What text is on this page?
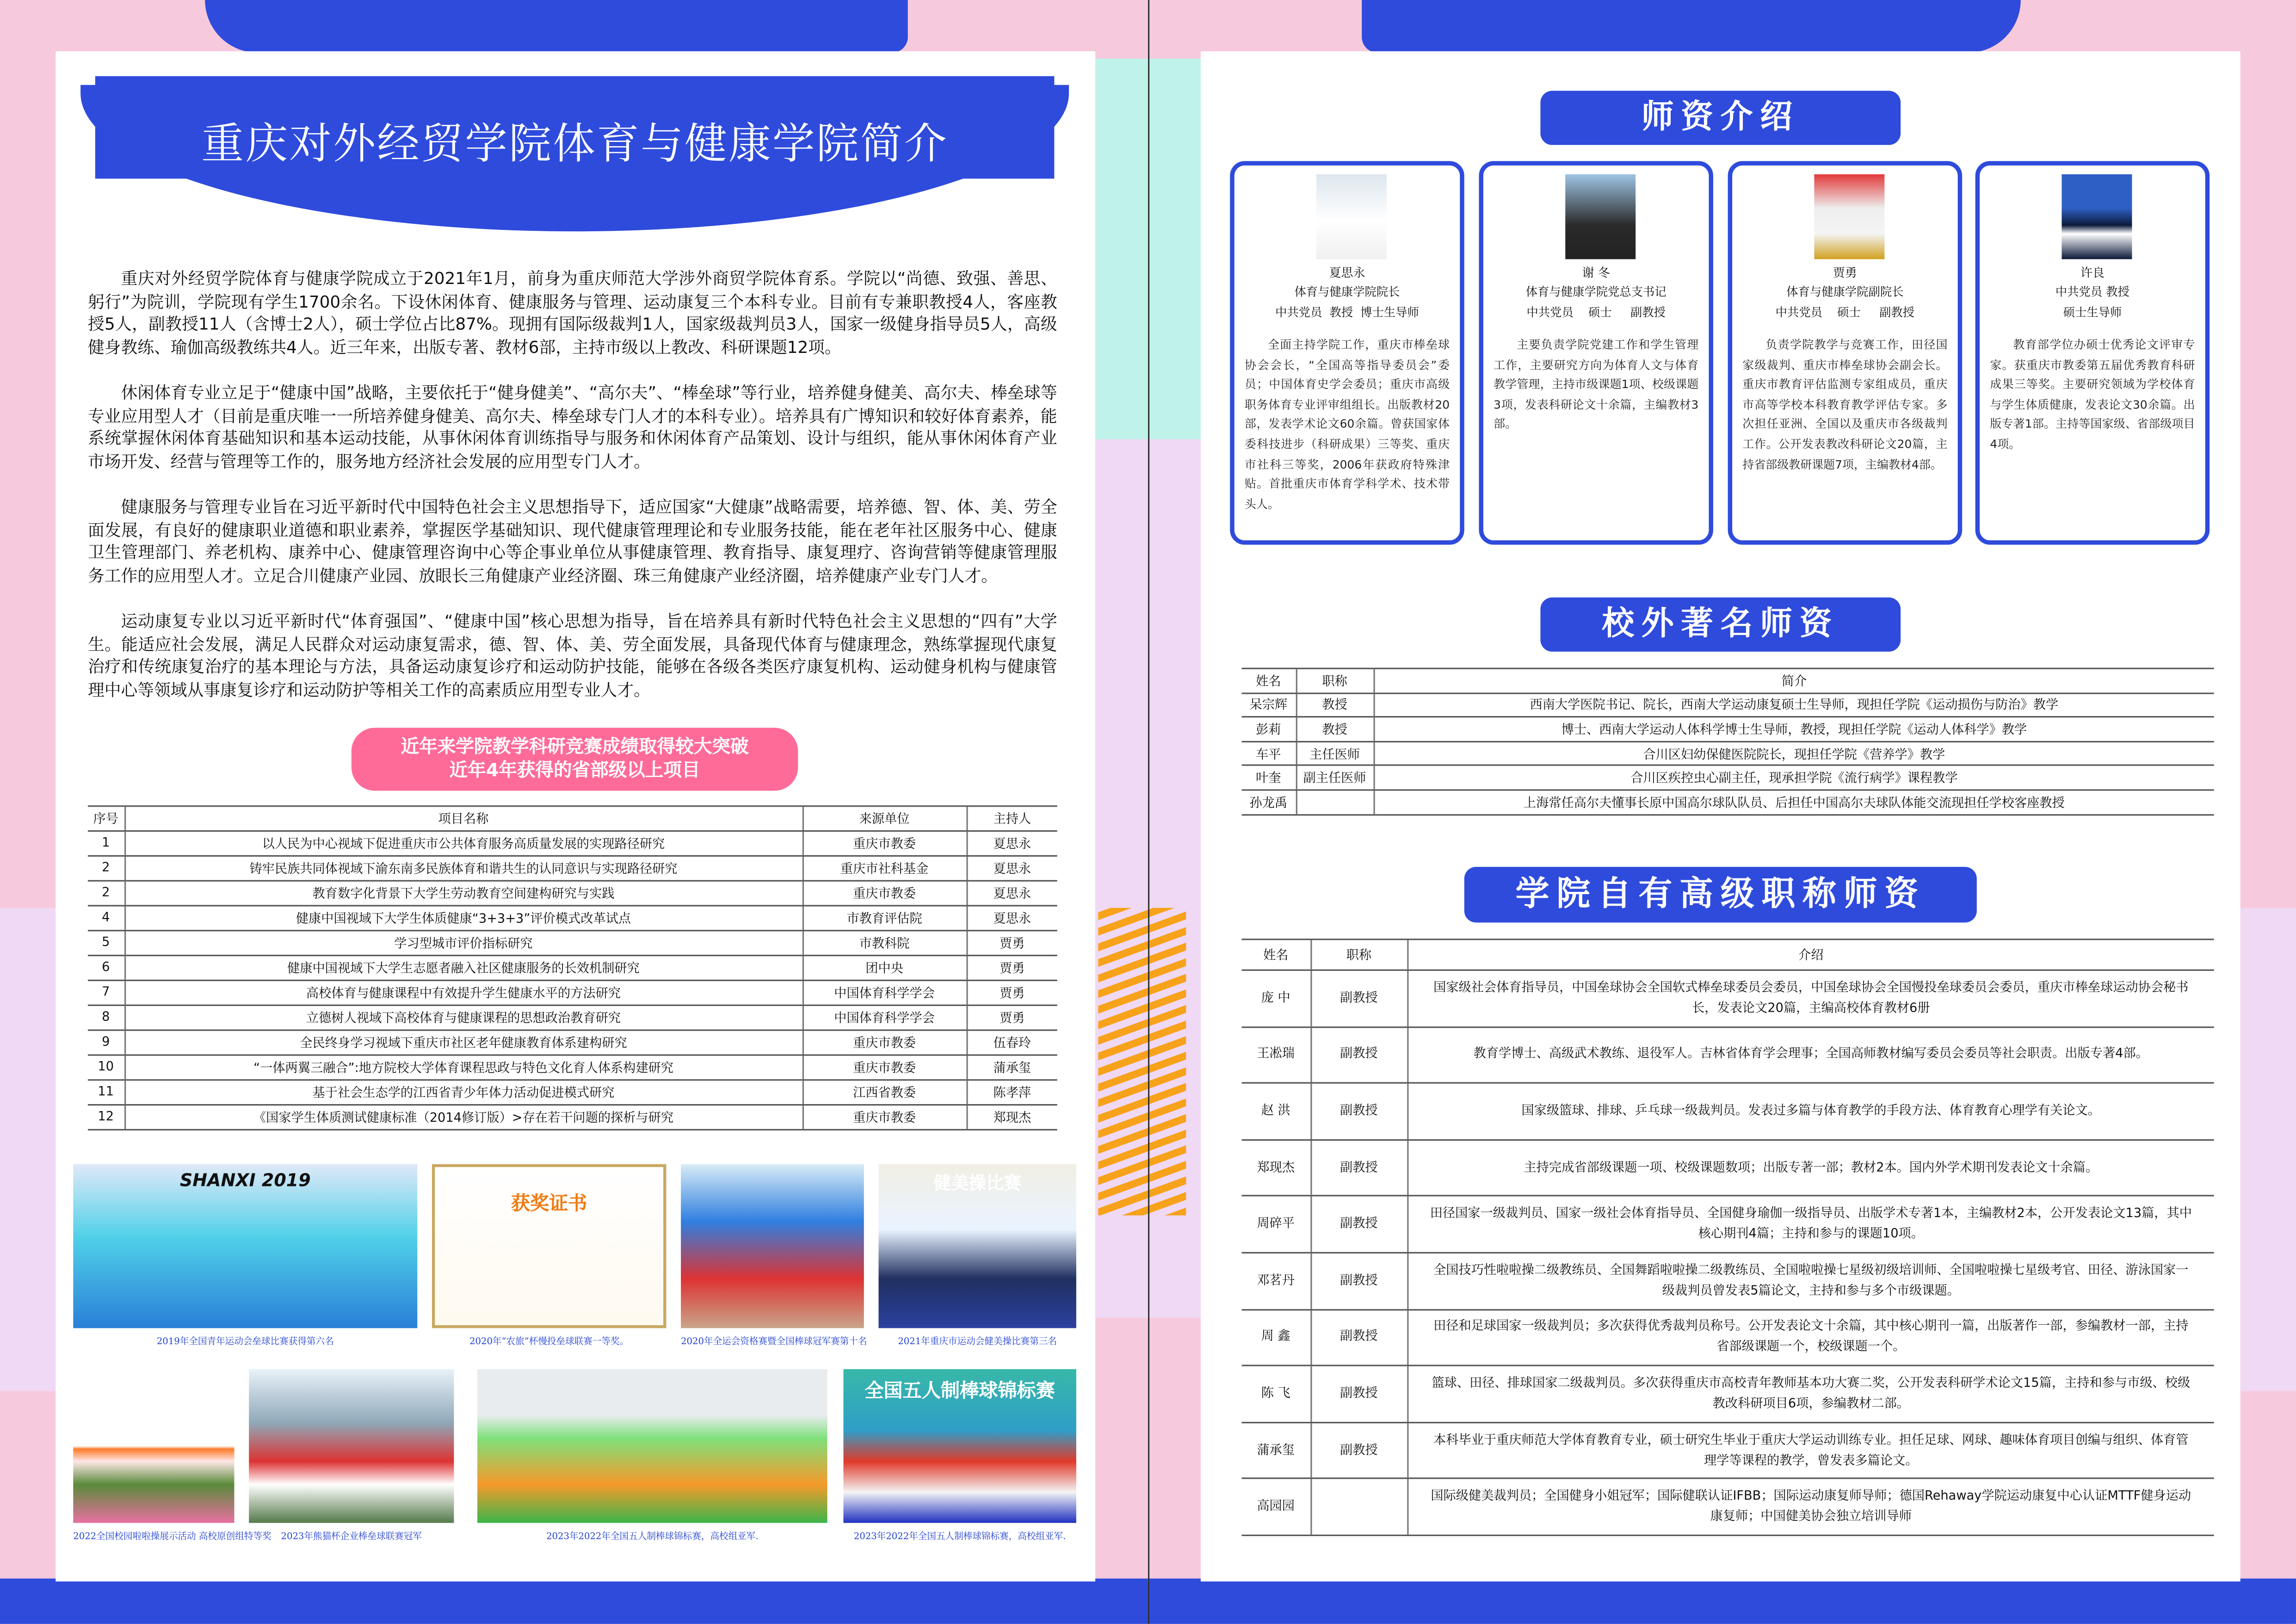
重庆对外经贸学院体育与健康学院简介
重庆对外经贸学院体育与健康学院成立于2021年1月，前身为重庆师范大学涉外商贸学院体育系。学院以“尚德、致强、善思、躬行”为院训，学院现有学生1700余名。下设休闲体育、健康服务与管理、运动康复三个本科专业。目前有专兼职教授4人，客座教授5人，副教授11人（含博士2人），硕士学位占比87%。现拥有国际级裁判1人，国家级裁判员3人，国家一级健身指导员5人，高级健身教练、瑜伽高级教练共4人。近三年来，出版专著、教材6部，主持市级以上教改、科研课题12项。
休闲体育专业立足于“健康中国”战略，主要依托于“健身健美”、“高尔夫”、“棒垒球”等行业，培养健身健美、高尔夫、棒垒球等专业应用型人才（目前是重庆唯一一所培养健身健美、高尔夫、棒垒球专门人才的本科专业）。培养具有广博知识和较好体育素养，能系统掌握休闲体育基础知识和基本运动技能，从事休闲体育训练指导与服务和休闲体育产品策划、设计与组织，能从事休闲体育产业市场开发、经营与管理等工作的，服务地方经济社会发展的应用型专门人才。
健康服务与管理专业旨在习近平新时代中国特色社会主义思想指导下，适应国家“大健康”战略需要，培养德、智、体、美、劳全面发展，有良好的健康职业道德和职业素养，掌握医学基础知识、现代健康管理理论和专业服务技能，能在老年社区服务中心、健康卫生管理部门、养老机构、康养中心、健康管理咨询中心等企事业单位从事健康管理、教育指导、康复理疗、咨询营销等健康管理服务工作的应用型人才。立足合川健康产业园、放眼长三角健康产业经济圈、珠三角健康产业经济圈，培养健康产业专门人才。
运动康复专业以习近平新时代“体育强国”、“健康中国”核心思想为指导，旨在培养具有新时代特色社会主义思想的“四有”大学生。能适应社会发展，满足人民群众对运动康复需求，德、智、体、美、劳全面发展，具备现代体育与健康理念，熟练掌握现代康复治疗和传统康复治疗的基本理论与方法，具备运动康复诊疗和运动防护技能，能够在各级各类医疗康复机构、运动健身机构与健康管理中心等领域从事康复诊疗和运动防护等相关工作的高素质应用型专业人才。
近年来学院教学科研竞赛成绩取得较大突破
近年4年获得的省部级以上项目
序号	项目名称	来源单位	主持人
1	以人民为中心视域下促进重庆市公共体育服务高质量发展的实现路径研究	重庆市教委	夏思永
2	铸牢民族共同体视域下渝东南多民族体育和谐共生的认同意识与实现路径研究	重庆市社科基金	夏思永
2	教育数字化背景下大学生劳动教育空间建构研究与实践	重庆市教委	夏思永
4	健康中国视域下大学生体质健康“3+3+3”评价模式改革试点	市教育评估院	夏思永
5	学习型城市评价指标研究	市教科院	贾勇
6	健康中国视域下大学生志愿者融入社区健康服务的长效机制研究	团中央	贾勇
7	高校体育与健康课程中有效提升学生健康水平的方法研究	中国体育科学学会	贾勇
8	立德树人视域下高校体育与健康课程的思想政治教育研究	中国体育科学学会	贾勇
9	全民终身学习视域下重庆市社区老年健康教育体系建构研究	重庆市教委	伍春玲
10	“一体两翼三融合”:地方院校大学体育课程思政与特色文化育人体系构建研究	重庆市教委	蒲承玺
11	基于社会生态学的江西省青少年体力活动促进模式研究	江西省教委	陈孝萍
12	《国家学生体质测试健康标准（2014修订版）>存在若干问题的探析与研究	重庆市教委	郑现杰
SHANXI 2019
2019年全国青年运动会垒球比赛获得第六名
获奖证书
2020年“农旅”杯慢投垒球联赛一等奖。	2020年全运会资格赛暨全国棒球冠军赛第十名
健美操比赛
2021年重庆市运动会健美操比赛第三名
2022全国校园啦啦操展示活动 高校原创组特等奖	2023年熊猫杯企业棒垒球联赛冠军	2023年2022年全国五人制棒球锦标赛，高校组亚军.
全国五人制棒球锦标赛
2023年2022年全国五人制棒球锦标赛，高校组亚军.
师资介绍
夏思永
体育与健康学院院长
中共党员  教授  博士生导师
全面主持学院工作，重庆市棒垒球协会会长，“全国高等指导委员会”委员；中国体育史学会委员；重庆市高级职务体育专业评审组组长。出版教材20部，发表学术论文60余篇。曾获国家体委科技进步（科研成果）三等奖、重庆市社科三等奖，2006年获政府特殊津贴。首批重庆市体育学科学术、技术带头人。
谢 冬
体育与健康学院党总支书记
中共党员    硕士     副教授
主要负责学院党建工作和学生管理工作，主要研究方向为体育人文与体育教学管理，主持市级课题1项、校级课题3项，发表科研论文十余篇，主编教材3部。
贾勇
体育与健康学院副院长
中共党员    硕士     副教授
负责学院教学与竞赛工作，田径国家级裁判、重庆市棒垒球协会副会长。重庆市教育评估监测专家组成员，重庆市高等学校本科教育教学评估专家。多次担任亚洲、全国以及重庆市各级裁判工作。公开发表教改科研论文20篇，主持省部级教研课题7项，主编教材4部。
许良
中共党员 教授
硕士生导师
教育部学位办硕士优秀论文评审专家。获重庆市教委第五届优秀教育科研成果三等奖。主要研究领域为学校体育与学生体质健康，发表论文30余篇。出版专著1部。主持等国家级、省部级项目4项。
校外著名师资
姓名	职称	简介
呆宗辉	教授	西南大学医院书记、院长，西南大学运动康复硕士生导师，现担任学院《运动损伤与防治》教学
彭莉	教授	博士、西南大学运动人体科学博士生导师，教授，现担任学院《运动人体科学》教学
车平	主任医师	合川区妇幼保健医院院长，现担任学院《营养学》教学
叶奎	副主任医师	合川区疾控虫心副主任，现承担学院《流行病学》课程教学
孙龙禹		上海常任高尔夫懂事长原中国高尔球队队员、后担任中国高尔夫球队体能交流现担任学校客座教授
学院自有高级职称师资
姓名	职称	介绍
庞 中	副教授	国家级社会体育指导员，中国垒球协会全国软式棒垒球委员会委员，中国垒球协会全国慢投垒球委员会委员，重庆市棒垒球运动协会秘书长，发表论文20篇，主编高校体育教材6册
王凇瑞	副教授	教育学博士、高级武术教练、退役军人。吉林省体育学会理事；全国高师教材编写委员会委员等社会职责。出版专著4部。
赵 洪	副教授	国家级篮球、排球、乒乓球一级裁判员。发表过多篇与体育教学的手段方法、体育教育心理学有关论文。
郑现杰	副教授	主持完成省部级课题一项、校级课题数项；出版专著一部；教材2本。国内外学术期刊发表论文十余篇。
周碎平	副教授	田径国家一级裁判员、国家一级社会体育指导员、全国健身瑜伽一级指导员、出版学术专著1本，主编教材2本，公开发表论文13篇，其中核心期刊4篇；主持和参与的课题10项。
邓茗丹	副教授	全国技巧性啦啦操二级教练员、全国舞蹈啦啦操二级教练员、全国啦啦操七星级初级培训师、全国啦啦操七星级考官、田径、游泳国家一级裁判员曾发表5篇论文，主持和参与多个市级课题。
周 鑫	副教授	田径和足球国家一级裁判员；多次获得优秀裁判员称号。公开发表论文十余篇，其中核心期刊一篇，出版著作一部，参编教材一部，主持省部级课题一个，校级课题一个。
陈 飞	副教授	篮球、田径、排球国家二级裁判员。多次获得重庆市高校青年教师基本功大赛二奖，公开发表科研学术论文15篇，主持和参与市级、校级教改科研项目6项，参编教材二部。
蒲承玺	副教授	本科毕业于重庆师范大学体育教育专业，硕士研究生毕业于重庆大学运动训练专业。担任足球、网球、趣味体育项目创编与组织、体育管理学等课程的教学，曾发表多篇论文。
高园园		国际级健美裁判员；全国健身小姐冠军；国际健联认证IFBB；国际运动康复师导师；德国Rehaway学院运动康复中心认证MTTF健身运动康复师；中国健美协会独立培训导师
